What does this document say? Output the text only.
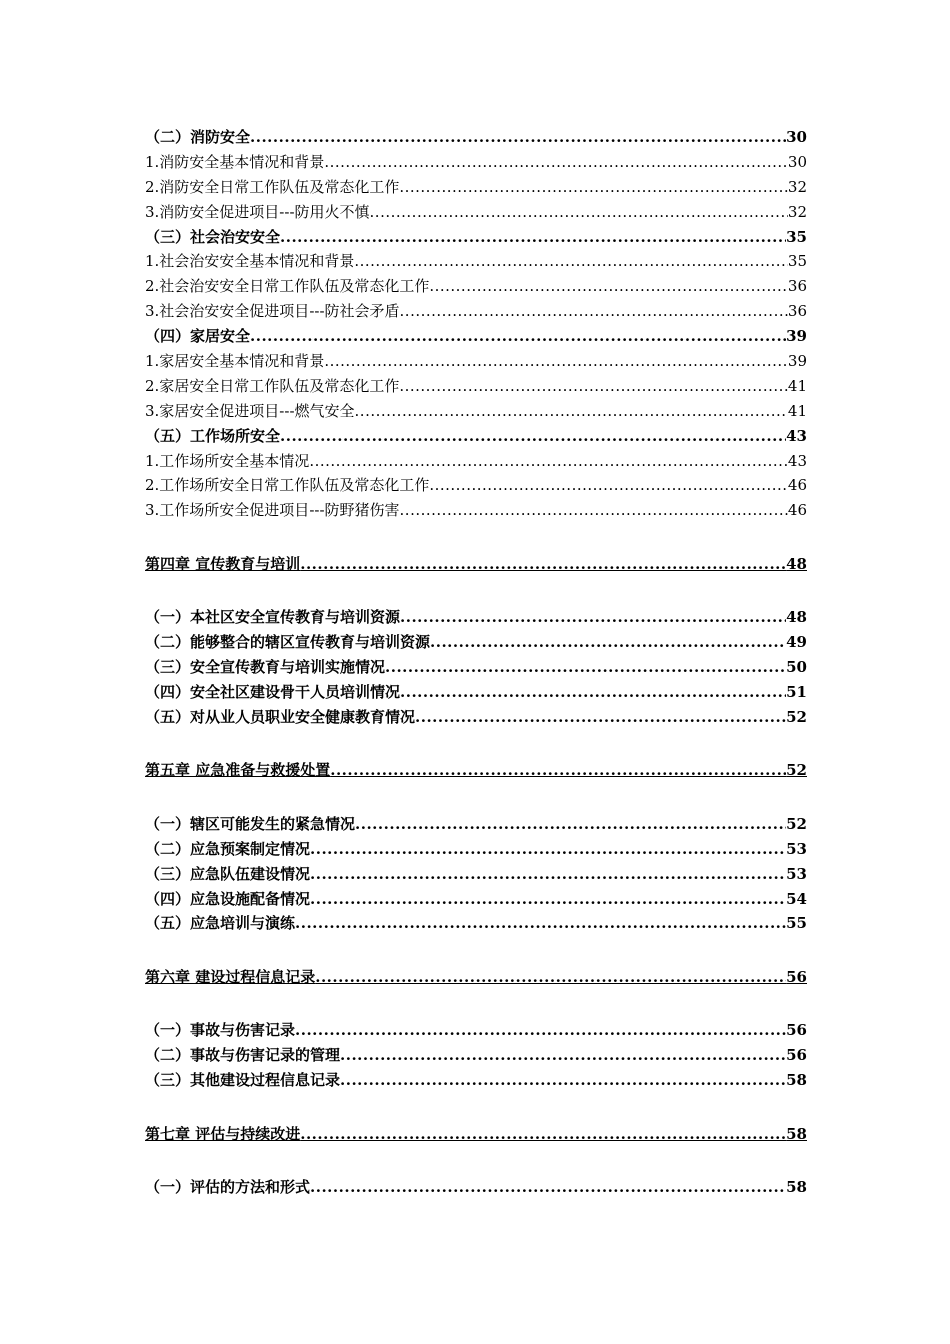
（二）消防安全 .....	30
1.消防安全基本情况和背景 .....	30
2.消防安全日常工作队伍及常态化工作 .....	32
3.消防安全促进项目---防用火不慎 .....	32
（三）社会治安安全 .....	35
1.社会治安安全基本情况和背景 .....	35
2.社会治安安全日常工作队伍及常态化工作 .....	36
3.社会治安安全促进项目---防社会矛盾 .....	36
（四）家居安全 .....	39
1.家居安全基本情况和背景 .....	39
2.家居安全日常工作队伍及常态化工作 .....	41
3.家居安全促进项目---燃气安全 .....	41
（五）工作场所安全 .....	43
1.工作场所安全基本情况 .....	43
2.工作场所安全日常工作队伍及常态化工作 .....	46
3.工作场所安全促进项目---防野猪伤害 .....	46
第四章 宣传教育与培训 .....	48
（一）本社区安全宣传教育与培训资源 .....	48
（二）能够整合的辖区宣传教育与培训资源 .....	49
（三）安全宣传教育与培训实施情况 .....	50
（四）安全社区建设骨干人员培训情况 .....	51
（五）对从业人员职业安全健康教育情况 .....	52
第五章 应急准备与救援处置 .....	52
（一）辖区可能发生的紧急情况 .....	52
（二）应急预案制定情况 .....	53
（三）应急队伍建设情况 .....	53
（四）应急设施配备情况 .....	54
（五）应急培训与演练 .....	55
第六章 建设过程信息记录 .....	56
（一）事故与伤害记录 .....	56
（二）事故与伤害记录的管理 .....	56
（三）其他建设过程信息记录 .....	58
第七章 评估与持续改进 .....	58
（一）评估的方法和形式 .....	58
